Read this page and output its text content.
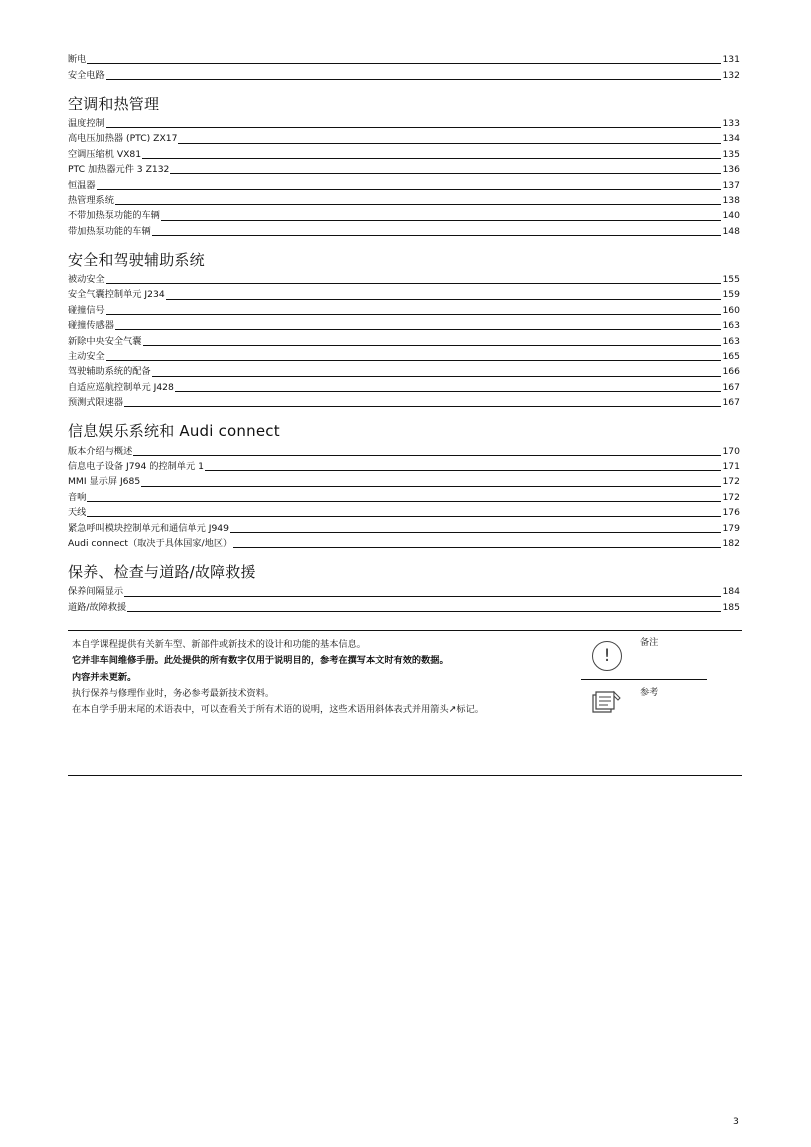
断电	131
安全电路	132
空调和热管理
温度控制	133
高电压加热器 (PTC) ZX17	134
空调压缩机 VX81	135
PTC 加热器元件 3 Z132	136
恒温器	137
热管理系统	138
不带加热泵功能的车辆	140
带加热泵功能的车辆	148
安全和驾驶辅助系统
被动安全	155
安全气囊控制单元 J234	159
碰撞信号	160
碰撞传感器	163
新除中央安全气囊	163
主动安全	165
驾驶辅助系统的配备	166
自适应巡航控制单元 J428	167
预测式限速器	167
信息娱乐系统和 Audi connect
版本介绍与概述	170
信息电子设备 J794 的控制单元 1	171
MMI 显示屏 J685	172
音响	172
天线	176
紧急呼叫模块控制单元和通信单元 J949	179
Audi connect（取决于具体国家/地区）	182
保养、检查与道路/故障救援
保养间隔显示	184
道路/故障救援	185

本自学课程提供有关新车型、新部件或新技术的设计和功能的基本信息。

它并非车间维修手册。此处提供的所有数字仅用于说明目的，参考在撰写本文时有效的数据。

内容并未更新。

执行保养与修理作业时，务必参考最新技术资料。

在本自学手册末尾的术语表中，可以查看关于所有术语的说明，这些术语用斜体表式并用箭头↗标记。

!
备注
参考
3
